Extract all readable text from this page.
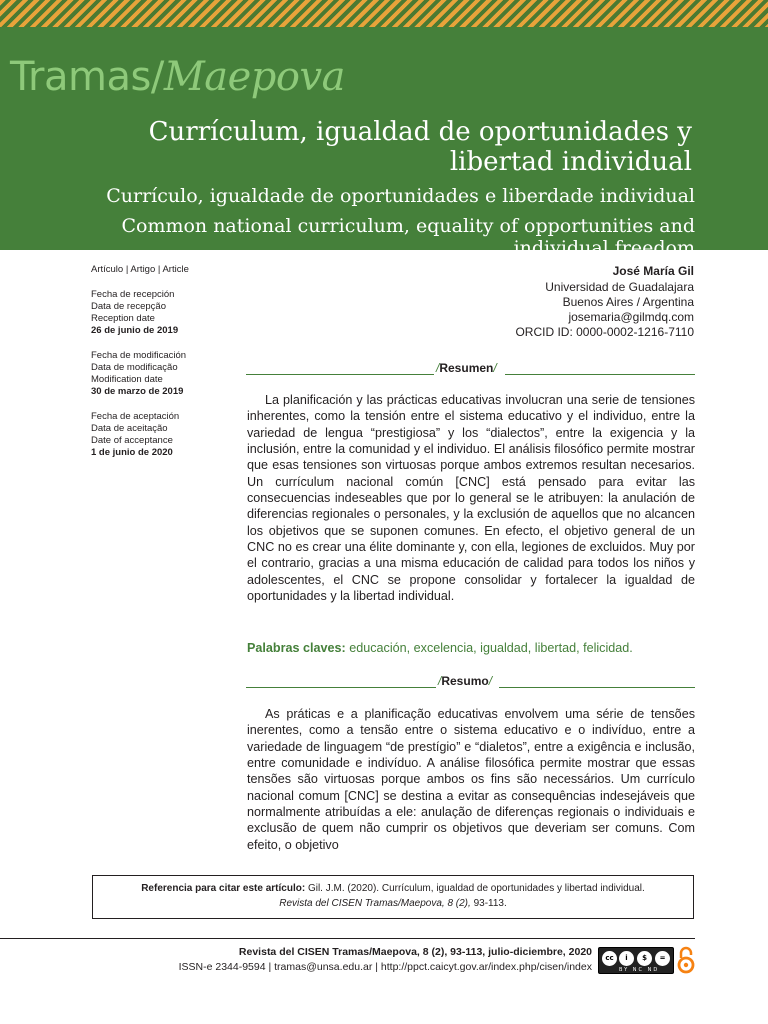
Tramas/Maepova
Currículum, igualdad de oportunidades y libertad individual
Currículo, igualdade de oportunidades e liberdade individual
Common national curriculum, equality of opportunities and individual freedom
Artículo | Artigo | Article
Fecha de recepción
Data de recepção
Reception date
26 de junio de 2019
Fecha de modificación
Data de modificação
Modification date
30 de marzo de 2019
Fecha de aceptación
Data de aceitação
Date of acceptance
1 de junio de 2020
José María Gil
Universidad de Guadalajara
Buenos Aires / Argentina
josemaria@gilmdq.com
ORCID ID: 0000-0002-1216-7110
/Resumen/

La planificación y las prácticas educativas involucran una serie de tensiones inherentes, como la tensión entre el sistema educativo y el individuo, entre la variedad de lengua “prestigiosa” y los “dialectos”, entre la exigencia y la inclusión, entre la comunidad y el individuo. El análisis filosófico permite mostrar que esas tensiones son virtuosas porque ambos extremos resultan necesarios. Un currículum nacional común [CNC] está pensado para evitar las consecuencias indeseables que por lo general se le atribuyen: la anulación de diferencias regionales o personales, y la exclusión de aquellos que no alcancen los objetivos que se suponen comunes. En efecto, el objetivo general de un CNC no es crear una élite dominante y, con ella, legiones de excluidos. Muy por el contrario, gracias a una misma educación de calidad para todos los niños y adolescentes, el CNC se propone consolidar y fortalecer la igualdad de oportunidades y la libertad individual.

Palabras claves: educación, excelencia, igualdad, libertad, felicidad.
/Resumo/

As práticas e a planificação educativas envolvem uma série de tensões inerentes, como a tensão entre o sistema educativo e o indivíduo, entre a variedade de linguagem “de prestígio” e “dialetos”, entre a exigência e inclusão, entre comunidade e indivíduo. A análise filosófica permite mostrar que essas tensões são virtuosas porque ambos os fins são necessários. Um currículo nacional comum [CNC] se destina a evitar as consequências indesejáveis que normalmente atribuídas a ele: anulação de diferenças regionais o individuais e exclusão de quem não cumprir os objetivos que deveriam ser comuns. Com efeito, o objetivo

Referencia para citar este artículo: Gil. J.M. (2020). Currículum, igualdad de oportunidades y libertad individual.
Revista del CISEN Tramas/Maepova, 8 (2), 93-113.
Revista del CISEN Tramas/Maepova, 8 (2), 93-113, julio-diciembre, 2020
ISSN-e 2344-9594 | tramas@unsa.edu.ar | http://ppct.caicyt.gov.ar/index.php/cisen/index
cc	i	$	=
BY NC ND
